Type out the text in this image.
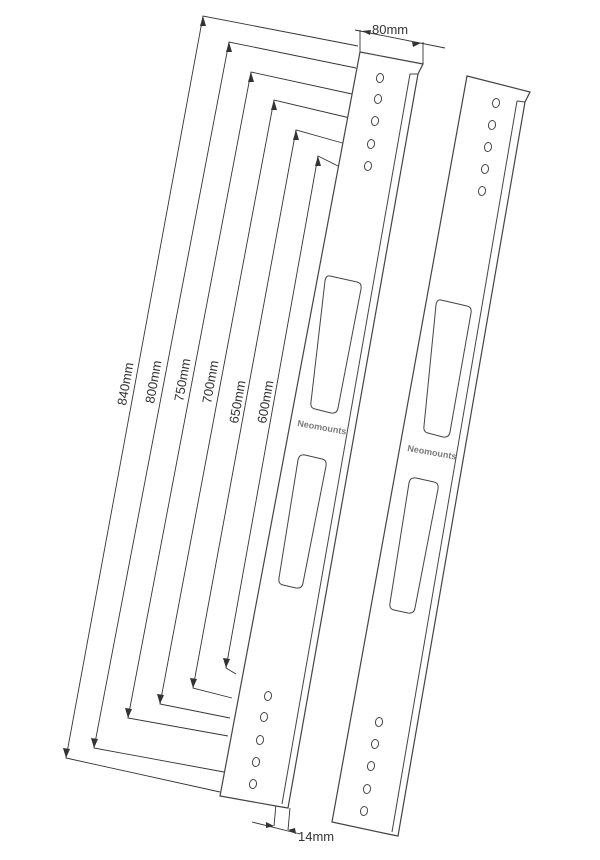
840mm 800mm 750mm 700mm 650mm 600mm
80mm
14mm
Neomounts
Neomounts
